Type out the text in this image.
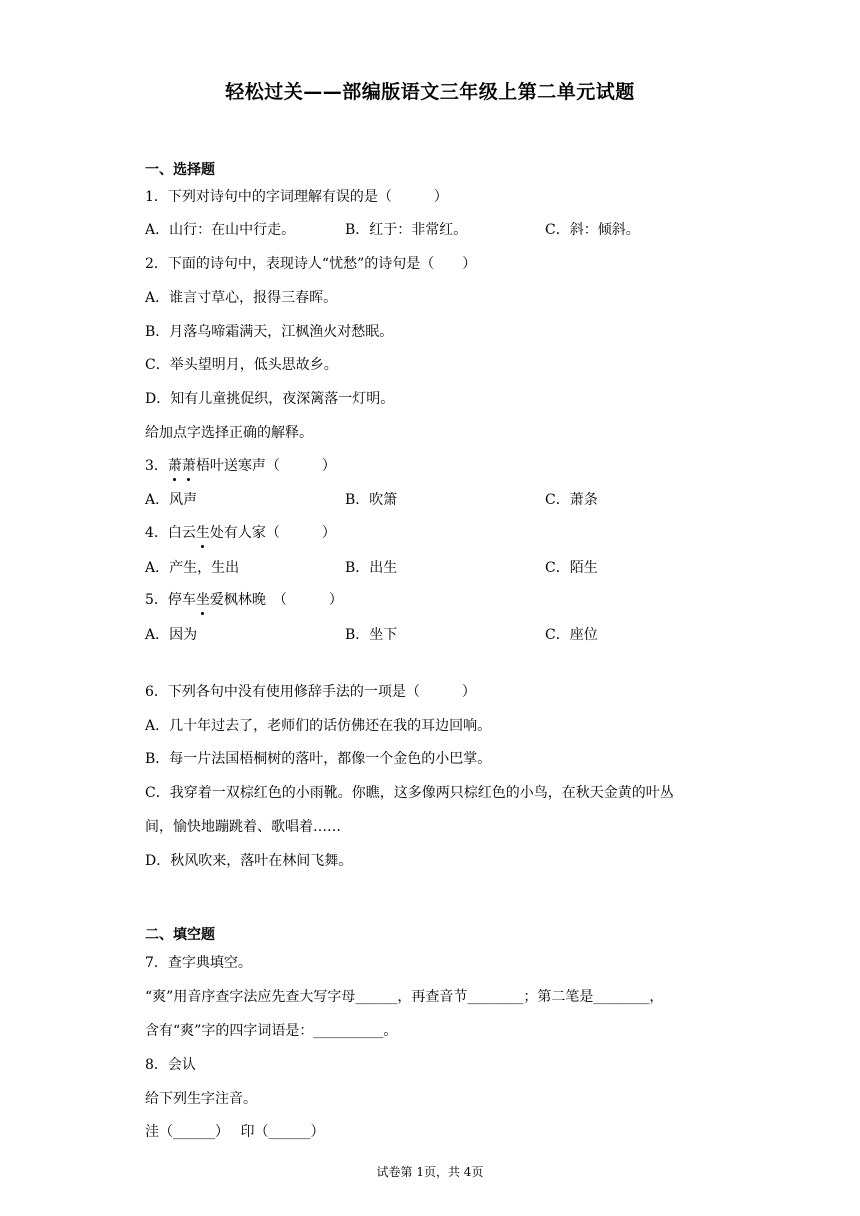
轻松过关——部编版语文三年级上第二单元试题
一、选择题
1．下列对诗句中的字词理解有误的是（　　　）
A．山行：在山中行走。	B．红于：非常红。	C．斜：倾斜。
2．下面的诗句中，表现诗人“忧愁”的诗句是（　　）
A．谁言寸草心，报得三春晖。
B．月落乌啼霜满天，江枫渔火对愁眠。
C．举头望明月，低头思故乡。
D．知有儿童挑促织，夜深篱落一灯明。
给加点字选择正确的解释。
3．萧萧梧叶送寒声（　　　）
A．风声	B．吹箫	C．萧条
4．白云生处有人家（　　　）
A．产生，生出	B．出生	C．陌生
5．停车坐爱枫林晚　（　　　）
A．因为	B．坐下	C．座位
6．下列各句中没有使用修辞手法的一项是（　　　）
A．几十年过去了，老师们的话仿佛还在我的耳边回响。
B．每一片法国梧桐树的落叶，都像一个金色的小巴掌。
C．我穿着一双棕红色的小雨靴。你瞧，这多像两只棕红色的小鸟，在秋天金黄的叶丛
间，愉快地蹦跳着、歌唱着……
D．秋风吹来，落叶在林间飞舞。
二、填空题
7．查字典填空。
“爽”用音序查字法应先查大写字母______，再查音节________；第二笔是________，
含有“爽”字的四字词语是：__________。
8．会认
给下列生字注音。
洼（______）　 印（______）
试卷第 1页，共 4页
